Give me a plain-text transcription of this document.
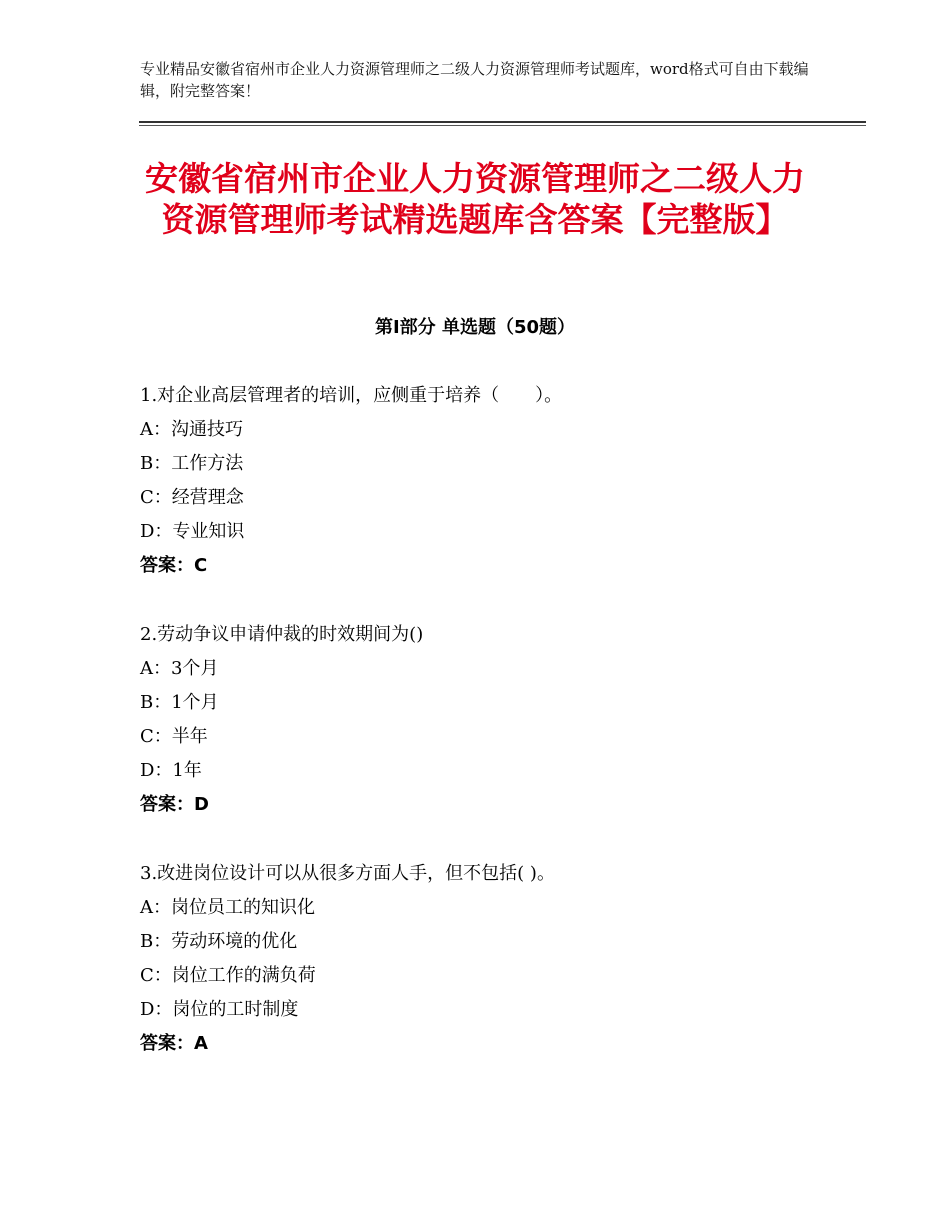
专业精品安徽省宿州市企业人力资源管理师之二级人力资源管理师考试题库，word格式可自由下载编辑，附完整答案！
安徽省宿州市企业人力资源管理师之二级人力资源管理师考试精选题库含答案【完整版】
第Ⅰ部分 单选题（50题）
1.对企业高层管理者的培训，应侧重于培养（　　）。
A：沟通技巧
B：工作方法
C：经营理念
D：专业知识
答案：C
2.劳动争议申请仲裁的时效期间为()
A：3个月
B：1个月
C：半年
D：1年
答案：D
3.改进岗位设计可以从很多方面人手，但不包括( )。
A：岗位员工的知识化
B：劳动环境的优化
C：岗位工作的满负荷
D：岗位的工时制度
答案：A
